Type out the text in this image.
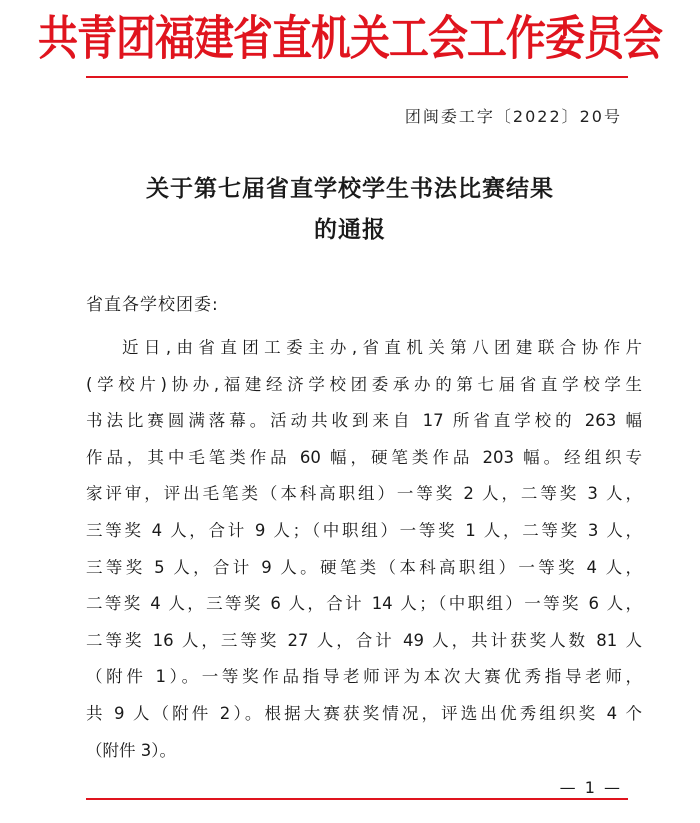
共青团福建省直机关工会工作委员会
团闽委工字〔2022〕20号
关于第七届省直学校学生书法比赛结果
的通报
省直各学校团委:
近日,由省直团工委主办,省直机关第八团建联合协作片
(学校片)协办,福建经济学校团委承办的第七届省直学校学生
书法比赛圆满落幕。活动共收到来自 17 所省直学校的 263 幅
作品，其中毛笔类作品 60 幅，硬笔类作品 203 幅。经组织专
家评审，评出毛笔类（本科高职组）一等奖 2 人，二等奖 3 人，
三等奖 4 人，合计 9 人；（中职组）一等奖 1 人，二等奖 3 人，
三等奖 5 人，合计 9 人。硬笔类（本科高职组）一等奖 4 人，
二等奖 4 人，三等奖 6 人，合计 14 人；（中职组）一等奖 6 人，
二等奖 16 人，三等奖 27 人，合计 49 人，共计获奖人数 81 人
（附件 1）。一等奖作品指导老师评为本次大赛优秀指导老师，
共 9 人（附件 2）。根据大赛获奖情况，评选出优秀组织奖 4 个
（附件 3）。
— 1 —
